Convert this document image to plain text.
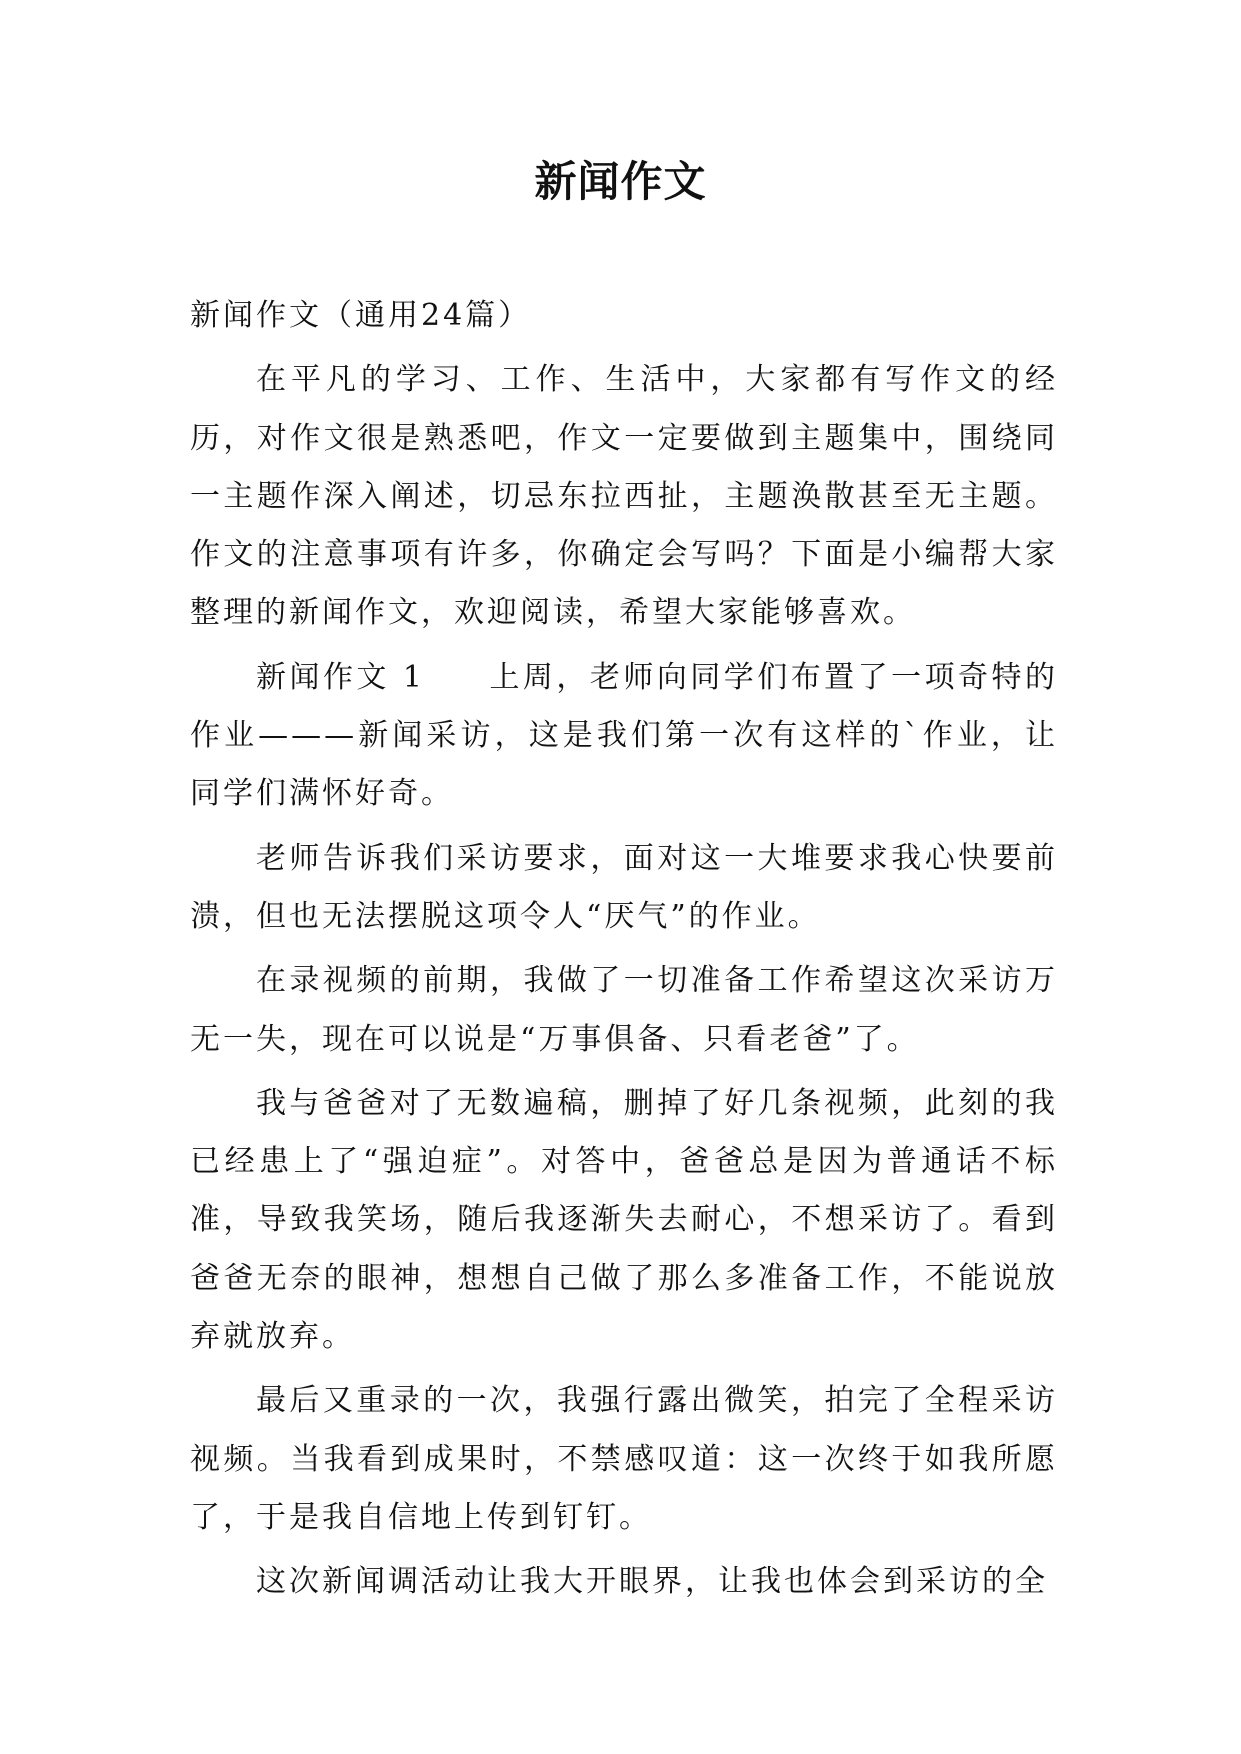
新闻作文

新闻作文（通用24篇）

在平凡的学习、工作、生活中，大家都有写作文的经历，对作文很是熟悉吧，作文一定要做到主题集中，围绕同一主题作深入阐述，切忌东拉西扯，主题涣散甚至无主题。作文的注意事项有许多，你确定会写吗？下面是小编帮大家整理的新闻作文，欢迎阅读，希望大家能够喜欢。

新闻作文 1 上周，老师向同学们布置了一项奇特的作业———新闻采访，这是我们第一次有这样的`作业，让同学们满怀好奇。

老师告诉我们采访要求，面对这一大堆要求我心快要前溃，但也无法摆脱这项令人“厌气”的作业。

在录视频的前期，我做了一切准备工作希望这次采访万无一失，现在可以说是“万事俱备、只看老爸”了。

我与爸爸对了无数遍稿，删掉了好几条视频，此刻的我已经患上了“强迫症”。对答中，爸爸总是因为普通话不标准，导致我笑场，随后我逐渐失去耐心，不想采访了。看到爸爸无奈的眼神，想想自己做了那么多准备工作，不能说放弃就放弃。

最后又重录的一次，我强行露出微笑，拍完了全程采访视频。当我看到成果时，不禁感叹道：这一次终于如我所愿了，于是我自信地上传到钉钉。

这次新闻调活动让我大开眼界，让我也体会到采访的全
